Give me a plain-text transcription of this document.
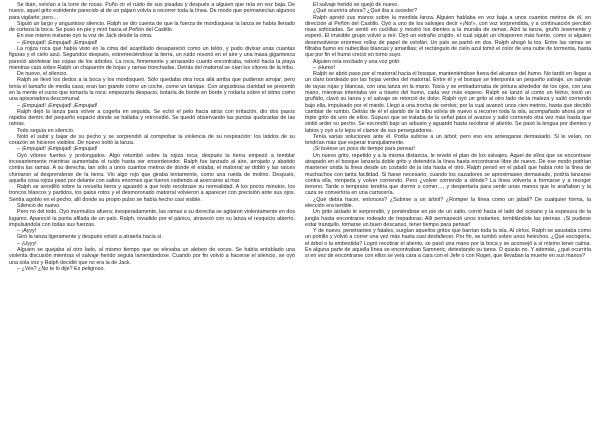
Se iban, volvían a la torre de rocas. Puño cir el ruido de sus pisadas y después a alguien que reía en voz baja. De nuevo, aquel grito estridente parecido al de un pájaro volvía a recorrer toda la línea. De modo que permanecían algunos para vigilarle; pero…

Siguió un largo y angustioso silencio. Ralph se dio cuenta de que la fuerza de mordisquear la lanza se había llenado de corteza la boca. Se puso en pie y miró hacia el Peñón del Castillo.

En ese mismo instante oyó la voz de Jack desde la cima.

– ¡Empujad! ¡Empujad! ¡Empujad!

La rojiza roca que había visto en la cima del acantilado desapareció como un telón, y pudo divisar unas cuantas figuras y el cielo azul. Segundos después, estremeciéndose la tierra, un ruido resonó en el aire y una masa gigantesca pareció abofetear las copas de los árboles. La roca, firmemente y arrasando cuanto encontraba, rebotó hacia la playa mientras caía sobre Ralph un chaparrón de hojas y ramas tronchadas. Detrás del matorral se oían los vítores de la tribu.

De nuevo, el silencio.

Ralph se llevó los dedos a la boca y los mordisqueó. Sólo quedaba otra roca allá arriba que pudieran arrojar; pero tenía el tamaño de media casa; eran tan grande como un coche, como un tanque. Con angustiosa claridad se presentó en la mente el curso que tomaría la roca: empezaría despacio, botaría de borde en borde y rodaría sobre el istmo como una apisonadora descomunal.

– ¡Empujad! ¡Empujad! ¡Empujad!

Ralph dejó la lanza para volver a cogerla en seguida. Se echó el pelo hacia atrás con irritación, dio dos pasos rápidos dentro del pequeño espacio donde se hallaba y retrocedió. Se quedó observando las puntas quebradas de las ramas.

Todo seguía en silencio.

Notó el subir y bajar de su pecho y se sorprendió al comprobar la violencia de su respiración: los latidos de su corazón se hicieron visibles. De nuevo soltó la lanza.

– ¡Empujad! ¡Empujad! ¡Empujad!

Oyó vítores fuertes y prolongados. Algo retumbó sobre la rojiza roca; después la tierra empezó a temblar incesantemente mientras aumentaba el ruido hasta ser ensordecedor. Ralph fue lanzado al aire, arrojado y abatido contra las ramas. A su derecha, tan sólo a unos cuantos metros de donde él estaba, el matorral se dobló y las raíces chirriaron al desprenderse de la tierra. Vio algo rojo que giraba lentamente, como una rueda de molino. Después, aquella cosa rojiza pasó por delante con saltos enormes que fueron cediendo al acercarse al mar.

Ralph se arrodilló sobre la revuelta tierra y aguardó a que todo recobrase su normalidad. A los pocos minutos, los troncos blancos y partidos, los palos rotos y el desmoronado matorral volvieron a aparecer con precisión ante sus ojos. Sentía agobio en el pecho, allí donde su propio pulso se había hecho casi visible.

Silencio de nuevo.

Pero no del todo. Oyó murmullos afuera; inesperadamente, las ramas a su derecha se agitaron violentamente en dos lugares. Apareció la punta afilada de un palo. Ralph, invadido por el pánico, atravesó con su lanza el resquicio abierto, impulsándola con todas sus fuerzas.

– ¡Ayyy!

Giró la lanza ligeramente y después volvió a atraerla hacia sí.

– ¡Uyyy!

Alguien se quejaba al otro lado, al mismo tiempo que se elevaba un alebeo de voces. Se había entablado una violenta discusión mientras el salvaje herido seguía lamentándose. Cuando por fin volvió a hacerse el silencio, se oyó una sola voz y Ralph decidió que no era la de Jack.

– ¿Ves? ¿No te lo dije? Es peligroso.

El salvaje herido se quejó de nuevo.

¿Qué ocurriría ahora? ¿Qué iba a suceder?

Ralph apretó sus manos sobre la mordida lanza. Alguien hablaba en voz baja a unos cuantos metros de él, en dirección al Peñón del Castillo. Oyó a uno de los salvajes decir «¡No!», con voz sorprendida, y a continuación percibió risas sofocadas. Se sentó en cuclillas y mostró los dientes a la muralla de ramas. Alzó la lanza, gruñó levemente y esperó. El invisible grupo volvió a reír. Oyó un extraño crujido, el cual siguió un chisporreo más fuerte, como si alguien desenvolviese enormes rollos de papel de celofán. Un palo se partió en dos. Ralph ahogó la tos. Entre las ramas se filtraba humo en nubecillas blancas y amarillas; el rectángulo de cielo azul tomó el color de una nube de tormenta, hasta que por fin el humo creció en torno suyo.

Alguien reía excitado y una voz gritó:

– ¡Humo!

Ralph se abrió paso por el matorral hacia el bosque, manteniéndose fuera del alcance del humo. No tardó en llegar a un claro bordeado por las hojas verdes del matorral. Entre él y el bosque se interponía un pequeño salvaje, un salvaje de rayas rojas y blancas, con una lanza en la mano. Tosía y se embadurnaba de pintura alrededor de los ojos, con una mano, mientras intentaba ver a través del humo, cada vez más espeso. Ralph se lanzó al como un felino, tosió un gruñido, clavó su lanza y el salvaje se retorció de dolor. Ralph oyó un grito al otro lado de la maleza y salió corriendo bajo ella, impulsado por el miedo. Llegó a una trocha de cerdos; por la cual avanzó unos cien metros, hasta que decidió cambiar de rumbo. Detrás de él el alarido de la tribu volvía de nuevo a recorrer toda la isla, acompañado ahora por el triple grito de uno de ellos. Supuso que se trataba de la señal para el avance y salió corriendo otra vez más hasta que sintió arder su pecho. Se escondió bajo un arbusto y aguardó hasta recobrar el aliento. Se pasó la lengua por dientes y labios y oyó a lo lejos el clamor de sus perseguidores.

Tenía varias soluciones ante él. Podía subirse a un árbol; pero eso era arriesgarse demasiado. Si le veían, no tendrían más que esperar tranquilamente.

¡Si tuviese un poco de tiempo para pensar!

Un nuevo grito, repetido y a la misma distancia, le reveló el plan de los salvajes. Aquel de ellos que se encontrase atrapado en el bosque lanzaría doble grito y detendría la línea hasta encontrarse libre de nuevo. De ese modo podrían mantener unida la línea desde un costado de la isla hasta el otro. Ralph pensó en el jabalí que había roto la línea de muchachos con tanta facilidad. Si fuese necesario, cuando los cazadores se aproximasen demasiado, podría lanzarse contra ella, romperla y volver corriendo. Pero ¿volver corriendo a dónde? La línea volvería a formarse y a recoger terreno. Tarde o temprano tendría que dormir o comer…, y despertaría para sentir unas manos que le arañaban y la caza se convertiría en una carnicería.

¿Qué debía hacer, entonces? ¿Subirse a un árbol? ¿Romper la línea como un jabalí? De cualquier forma, la elección era terrible.

Un grito aislado le sorprendió, y poniéndose en pie de un salto, corrió hacia el lado del océano y la espesura de la jungla hasta encontrarse rodeado de trepadoras. Allí permaneció unos instantes, temblándole las piernas. ¡Si pudiese estar tranquilo, tomarse un buen descanso, tener tiempo para pensar!

Y de nuevo, penetrantes y fatales, surgían aquellos gritos que barrían toda la isla. Al oírlos, Ralph se asustaba como un potrillo y volvió a correr una vez más hasta casi desfallecer. Por fin, se tumbó sobre unos helechos. ¿Qué escogería, el árbol o la embestida? Logró recobrar el aliento, se pasó una mano por la boca y se aconsejó a sí mismo tener calma. En alguna parte de aquella línea se encontraban Samneric, detestando su tarea. O quizás no. Y además, ¿qué ocurriría si en vez de encontrarse con ellos se veía cara a cara con el Jefe o con Roger, que llevaban la muerte en sus manos?
